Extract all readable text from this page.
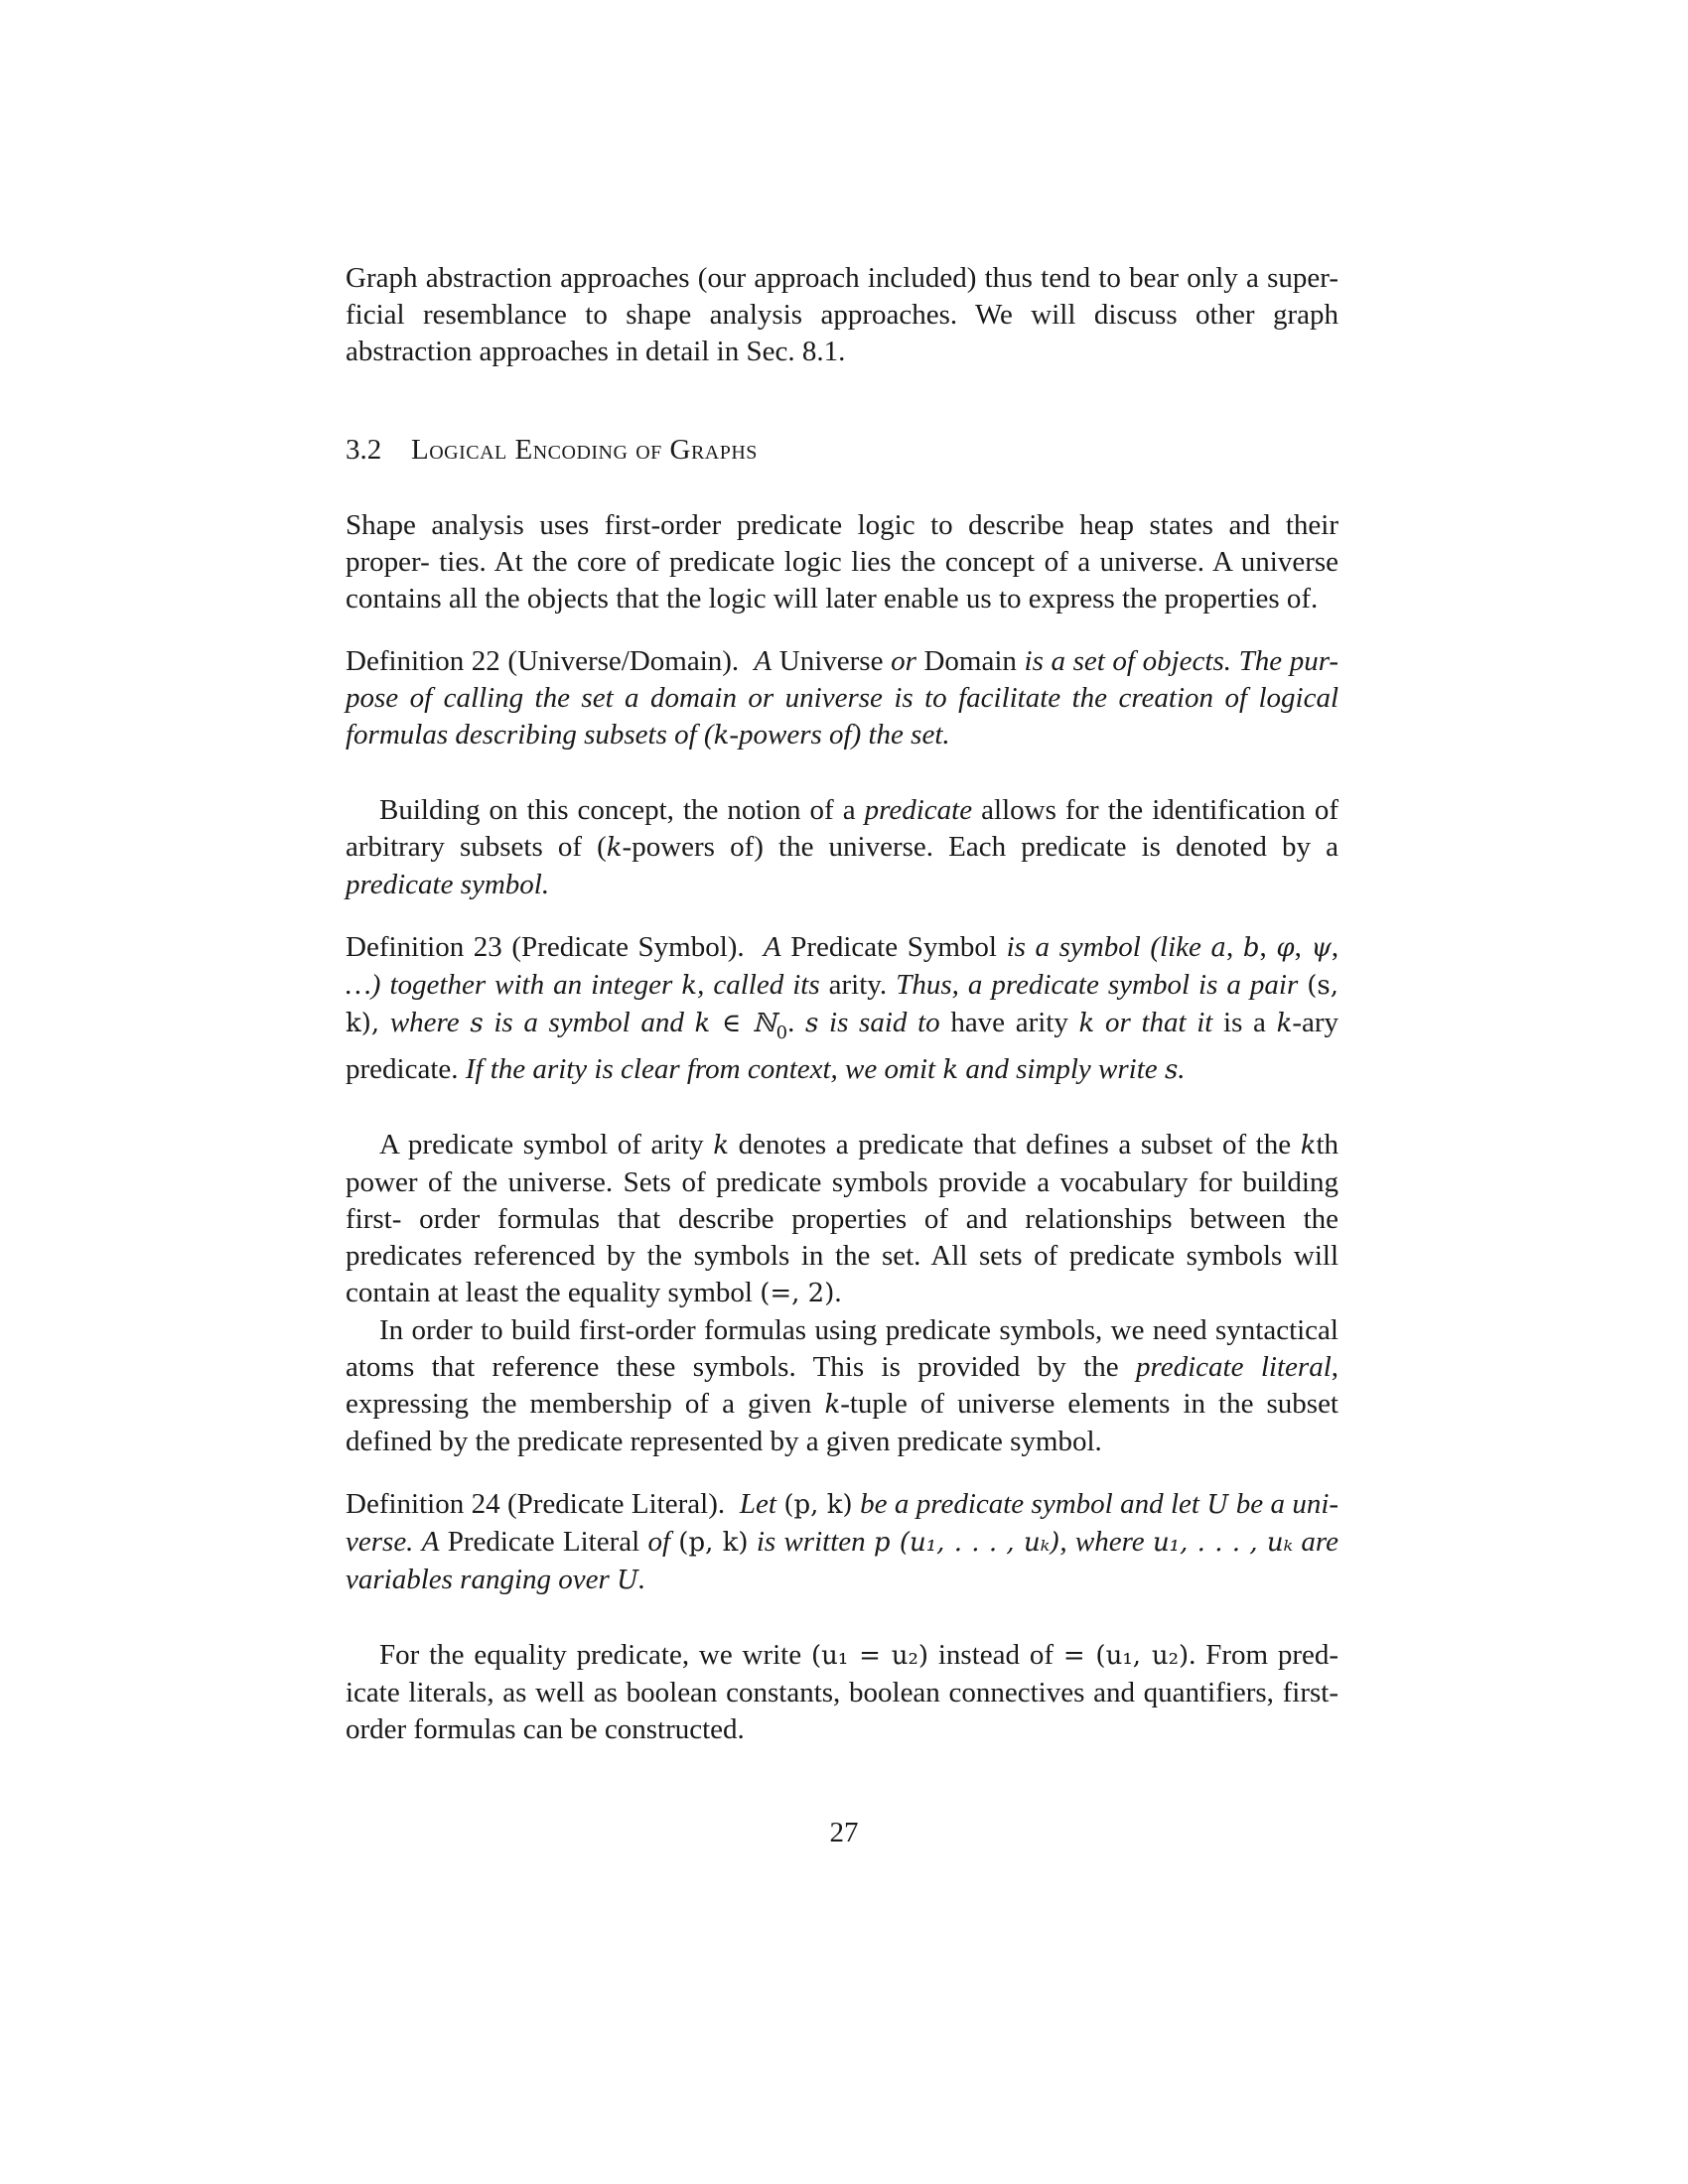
Graph abstraction approaches (our approach included) thus tend to bear only a super- ficial resemblance to shape analysis approaches. We will discuss other graph abstraction approaches in detail in Sec. 8.1.

3.2 Logical Encoding of Graphs

Shape analysis uses first-order predicate logic to describe heap states and their proper- ties. At the core of predicate logic lies the concept of a universe. A universe contains all the objects that the logic will later enable us to express the properties of.

Definition 22 (Universe/Domain). A Universe or Domain is a set of objects. The pur- pose of calling the set a domain or universe is to facilitate the creation of logical formulas describing subsets of (k-powers of) the set.

Building on this concept, the notion of a predicate allows for the identification of arbitrary subsets of (k-powers of) the universe. Each predicate is denoted by a predicate symbol.

Definition 23 (Predicate Symbol). A Predicate Symbol is a symbol (like a, b, φ, ψ, …) together with an integer k, called its arity. Thus, a predicate symbol is a pair (s, k), where s is a symbol and k ∈ ℕ$_0$. s is said to have arity k or that it is a k-ary predicate. If the arity is clear from context, we omit k and simply write s.

A predicate symbol of arity k denotes a predicate that defines a subset of the kth power of the universe. Sets of predicate symbols provide a vocabulary for building first- order formulas that describe properties of and relationships between the predicates referenced by the symbols in the set. All sets of predicate symbols will contain at least the equality symbol (=, 2).

In order to build first-order formulas using predicate symbols, we need syntactical atoms that reference these symbols. This is provided by the predicate literal, expressing the membership of a given k-tuple of universe elements in the subset defined by the predicate represented by a given predicate symbol.

Definition 24 (Predicate Literal). Let (p, k) be a predicate symbol and let U be a uni- verse. A Predicate Literal of (p, k) is written p (u₁, . . . , uₖ), where u₁, . . . , uₖ are variables ranging over U.

For the equality predicate, we write (u₁ = u₂) instead of = (u₁, u₂). From pred- icate literals, as well as boolean constants, boolean connectives and quantifiers, first- order formulas can be constructed.

27
